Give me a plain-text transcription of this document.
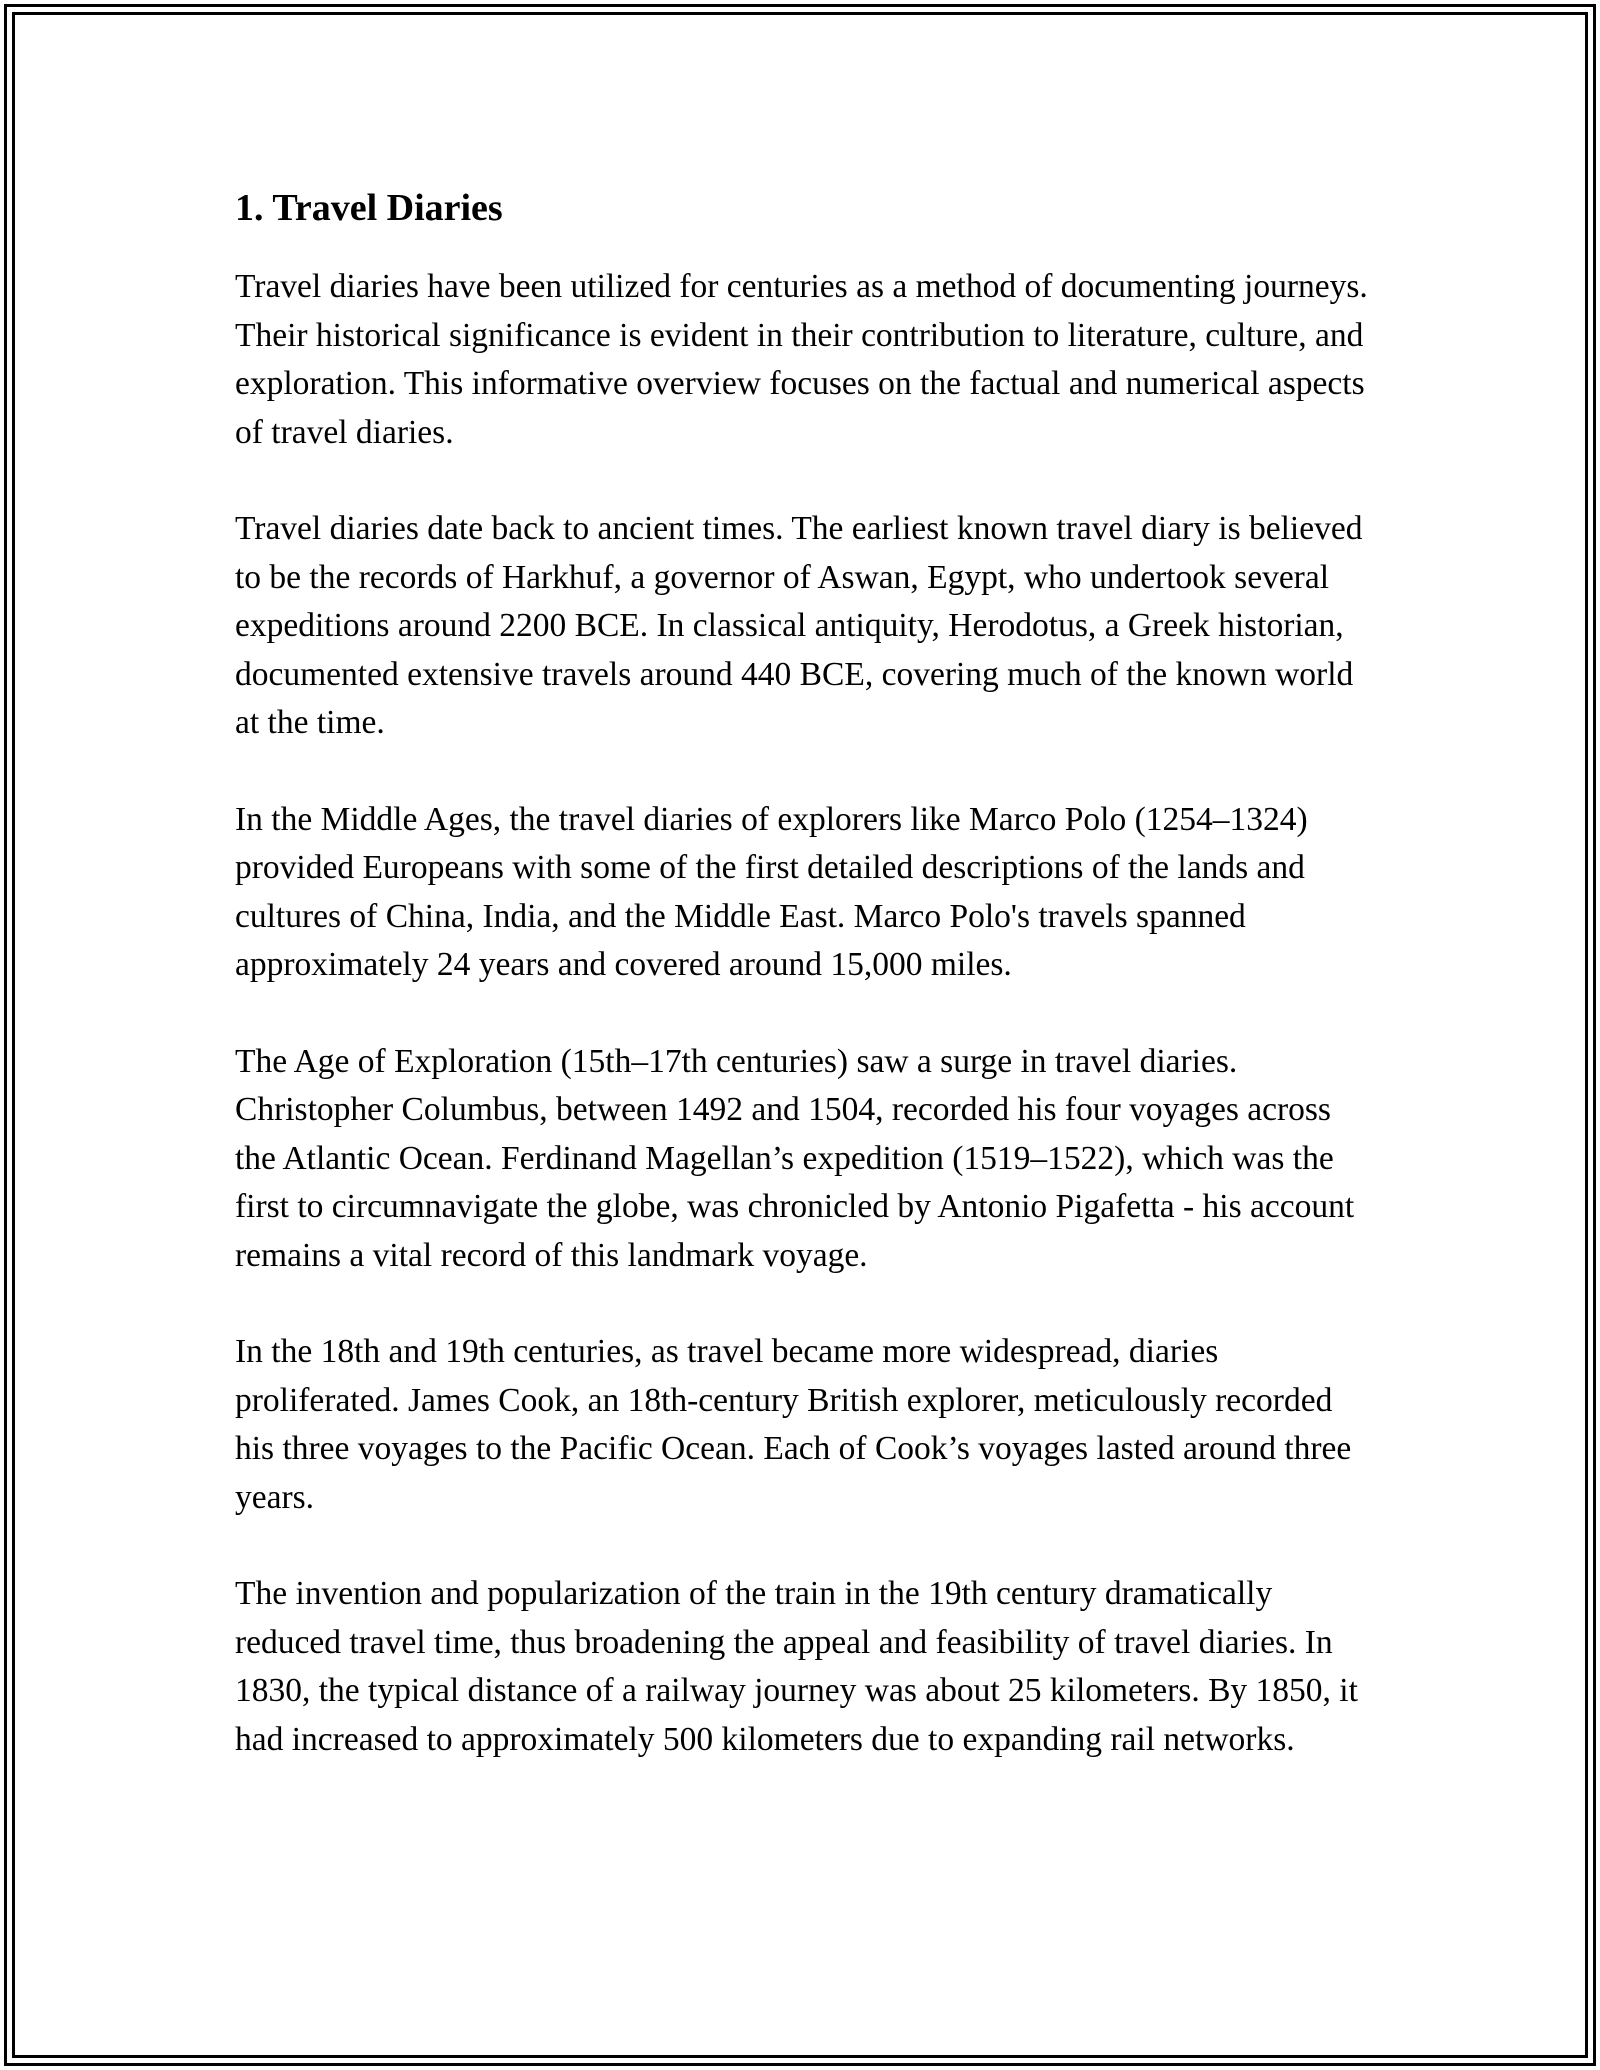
1. Travel Diaries

Travel diaries have been utilized for centuries as a method of documenting journeys. Their historical significance is evident in their contribution to literature, culture, and exploration. This informative overview focuses on the factual and numerical aspects of travel diaries.

Travel diaries date back to ancient times. The earliest known travel diary is believed to be the records of Harkhuf, a governor of Aswan, Egypt, who undertook several expeditions around 2200 BCE. In classical antiquity, Herodotus, a Greek historian, documented extensive travels around 440 BCE, covering much of the known world at the time.

In the Middle Ages, the travel diaries of explorers like Marco Polo (1254–1324) provided Europeans with some of the first detailed descriptions of the lands and cultures of China, India, and the Middle East. Marco Polo's travels spanned approximately 24 years and covered around 15,000 miles.

The Age of Exploration (15th–17th centuries) saw a surge in travel diaries. Christopher Columbus, between 1492 and 1504, recorded his four voyages across the Atlantic Ocean. Ferdinand Magellan’s expedition (1519–1522), which was the first to circumnavigate the globe, was chronicled by Antonio Pigafetta - his account remains a vital record of this landmark voyage.

In the 18th and 19th centuries, as travel became more widespread, diaries proliferated. James Cook, an 18th-century British explorer, meticulously recorded his three voyages to the Pacific Ocean. Each of Cook’s voyages lasted around three years.

The invention and popularization of the train in the 19th century dramatically reduced travel time, thus broadening the appeal and feasibility of travel diaries. In 1830, the typical distance of a railway journey was about 25 kilometers. By 1850, it had increased to approximately 500 kilometers due to expanding rail networks.
